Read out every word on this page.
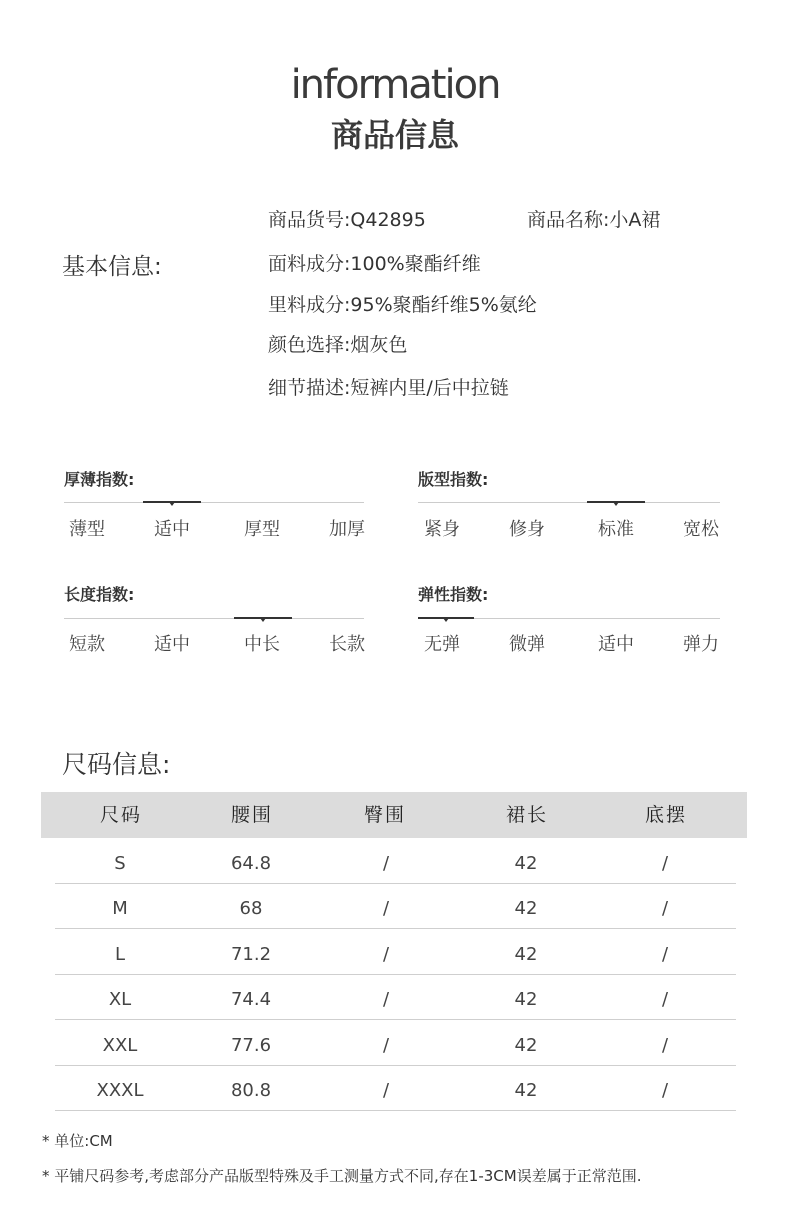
information
商品信息
基本信息:
商品货号:Q42895	商品名称:小A裙
面料成分:100%聚酯纤维
里料成分:95%聚酯纤维5%氨纶
颜色选择:烟灰色
细节描述:短裤内里/后中拉链
厚薄指数:
薄型	适中	厚型	加厚
版型指数:
紧身	修身	标准	宽松
长度指数:
短款	适中	中长	长款
弹性指数:
无弹	微弹	适中	弹力
尺码信息:
尺码	腰围	臀围	裙长	底摆
S	64.8	/	42	/
M	68	/	42	/
L	71.2	/	42	/
XL	74.4	/	42	/
XXL	77.6	/	42	/
XXXL	80.8	/	42	/
* 单位:CM
* 平铺尺码参考,考虑部分产品版型特殊及手工测量方式不同,存在1-3CM误差属于正常范围.
